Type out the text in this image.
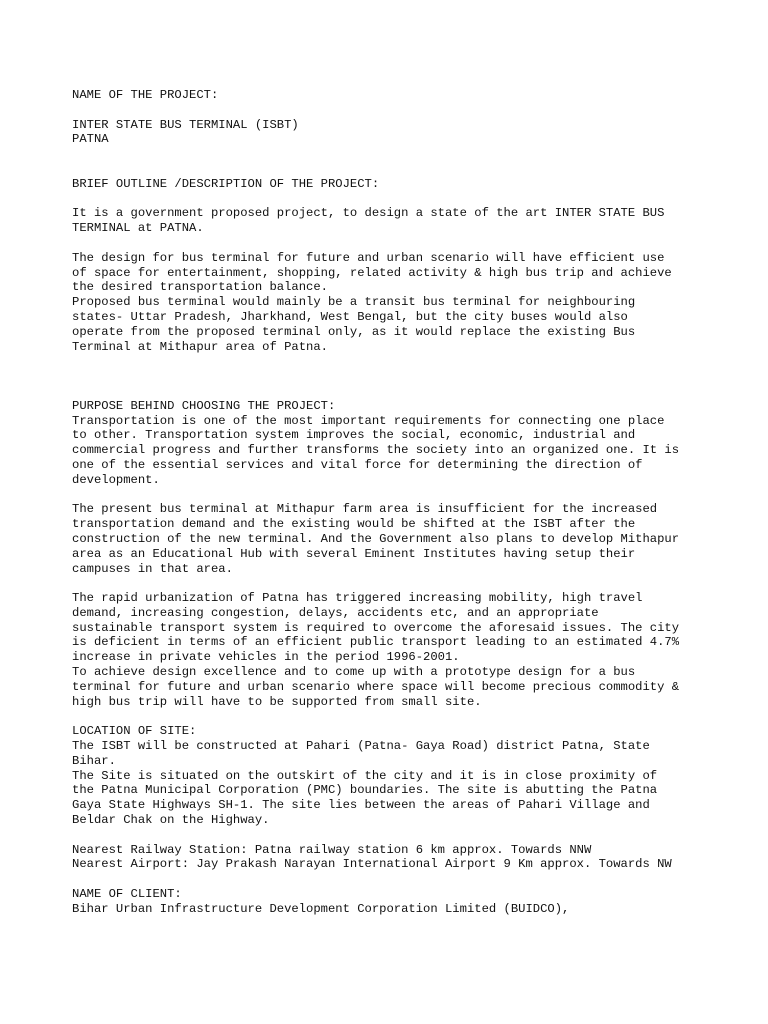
NAME OF THE PROJECT:
INTER STATE BUS TERMINAL (ISBT)
PATNA
BRIEF OUTLINE /DESCRIPTION OF THE PROJECT:
It is a government proposed project, to design a state of the art INTER STATE BUS
TERMINAL at PATNA.
The design for bus terminal for future and urban scenario will have efficient use
of space for entertainment, shopping, related activity & high bus trip and achieve
the desired transportation balance.
Proposed bus terminal would mainly be a transit bus terminal for neighbouring
states- Uttar Pradesh, Jharkhand, West Bengal, but the city buses would also
operate from the proposed terminal only, as it would replace the existing Bus
Terminal at Mithapur area of Patna.
PURPOSE BEHIND CHOOSING THE PROJECT:
Transportation is one of the most important requirements for connecting one place
to other. Transportation system improves the social, economic, industrial and
commercial progress and further transforms the society into an organized one. It is
one of the essential services and vital force for determining the direction of
development.
The present bus terminal at Mithapur farm area is insufficient for the increased
transportation demand and the existing would be shifted at the ISBT after the
construction of the new terminal. And the Government also plans to develop Mithapur
area as an Educational Hub with several Eminent Institutes having setup their
campuses in that area.
The rapid urbanization of Patna has triggered increasing mobility, high travel
demand, increasing congestion, delays, accidents etc, and an appropriate
sustainable transport system is required to overcome the aforesaid issues. The city
is deficient in terms of an efficient public transport leading to an estimated 4.7%
increase in private vehicles in the period 1996-2001.
To achieve design excellence and to come up with a prototype design for a bus
terminal for future and urban scenario where space will become precious commodity &
high bus trip will have to be supported from small site.
LOCATION OF SITE:
The ISBT will be constructed at Pahari (Patna- Gaya Road) district Patna, State
Bihar.
The Site is situated on the outskirt of the city and it is in close proximity of
the Patna Municipal Corporation (PMC) boundaries. The site is abutting the Patna
Gaya State Highways SH-1. The site lies between the areas of Pahari Village and
Beldar Chak on the Highway.
Nearest Railway Station: Patna railway station 6 km approx. Towards NNW
Nearest Airport: Jay Prakash Narayan International Airport 9 Km approx. Towards NW
NAME OF CLIENT:
Bihar Urban Infrastructure Development Corporation Limited (BUIDCO),
